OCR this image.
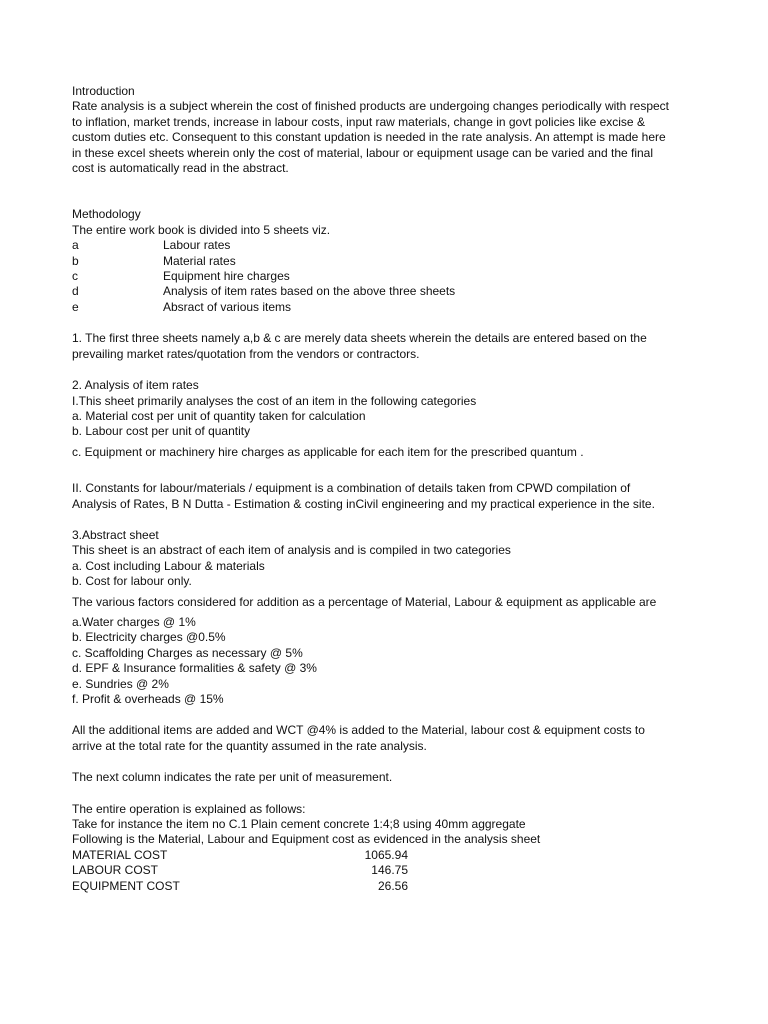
Introduction

Rate analysis is a subject wherein the cost of finished products are undergoing changes periodically with respect to inflation, market trends, increase in labour costs, input raw materials, change in govt policies like excise & custom duties etc. Consequent to this constant updation is needed in the rate analysis. An attempt is made here in these excel sheets wherein only the cost of material, labour or equipment usage can be varied and the final cost is automatically read in the abstract.

Methodology

The entire work book is divided into 5 sheets viz.

a	Labour rates
b	Material rates
c	Equipment hire charges
d	Analysis of item rates based on the above three sheets
e	Absract of various items

1. The first three sheets namely a,b & c are merely data sheets wherein the details are entered based on the prevailing market rates/quotation from the vendors or contractors.

2. Analysis of item rates

I.This sheet primarily analyses the cost of an item in the following categories

a. Material cost per unit of quantity taken for calculation

b. Labour cost per unit of quantity

c. Equipment or machinery hire charges as applicable for each item for the prescribed quantum .

II. Constants for labour/materials / equipment is a combination of details taken from CPWD compilation of Analysis of Rates, B N Dutta - Estimation & costing inCivil engineering and my practical experience in the site.

3.Abstract sheet

This sheet is an abstract of each item of analysis and is compiled in two categories

a. Cost including Labour & materials

b. Cost for labour only.

The various factors considered for addition as a percentage of Material, Labour & equipment as applicable are

a.Water charges @ 1%

b. Electricity charges @0.5%

c. Scaffolding Charges as necessary @ 5%

d. EPF & Insurance formalities & safety @ 3%

e. Sundries @ 2%

f. Profit & overheads @ 15%

All the additional items are added and WCT @4% is added to the Material, labour cost & equipment costs to arrive at the total rate for the quantity assumed in the rate analysis.

The next column indicates the rate per unit of measurement.

The entire operation is explained as follows:

Take for instance the item no C.1 Plain cement concrete 1:4;8 using 40mm aggregate

Following is the Material, Labour and Equipment cost as evidenced in the analysis sheet

MATERIAL COST	1065.94
LABOUR COST	146.75
EQUIPMENT COST	26.56
